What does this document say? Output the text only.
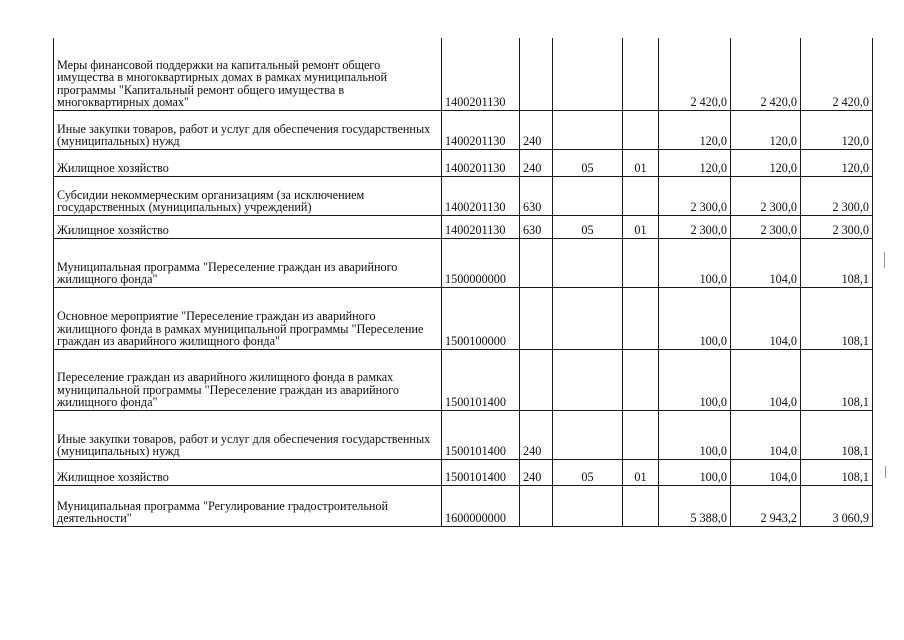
Меры финансовой поддержки на капитальный ремонт общего имущества в многоквартирных домах в рамках муниципальной программы "Капитальный ремонт общего имущества в многоквартирных домах"	1400201130				2 420,0	2 420,0	2 420,0
Иные закупки товаров, работ и услуг для обеспечения государственных (муниципальных) нужд	1400201130	240			120,0	120,0	120,0
Жилищное хозяйство	1400201130	240	05	01	120,0	120,0	120,0
Субсидии некоммерческим организациям (за исключением государственных (муниципальных) учреждений)	1400201130	630			2 300,0	2 300,0	2 300,0
Жилищное хозяйство	1400201130	630	05	01	2 300,0	2 300,0	2 300,0
Муниципальная программа "Переселение граждан из аварийного жилищного фонда"	1500000000				100,0	104,0	108,1
Основное мероприятие "Переселение граждан из аварийного жилищного фонда в рамках муниципальной программы "Переселение граждан из аварийного жилищного фонда"	1500100000				100,0	104,0	108,1
Переселение граждан из аварийного жилищного фонда в рамках муниципальной программы "Переселение граждан из аварийного жилищного фонда"	1500101400				100,0	104,0	108,1
Иные закупки товаров, работ и услуг для обеспечения государственных (муниципальных) нужд	1500101400	240			100,0	104,0	108,1
Жилищное хозяйство	1500101400	240	05	01	100,0	104,0	108,1
Муниципальная программа "Регулирование градостроительной деятельности"	1600000000				5 388,0	2 943,2	3 060,9
